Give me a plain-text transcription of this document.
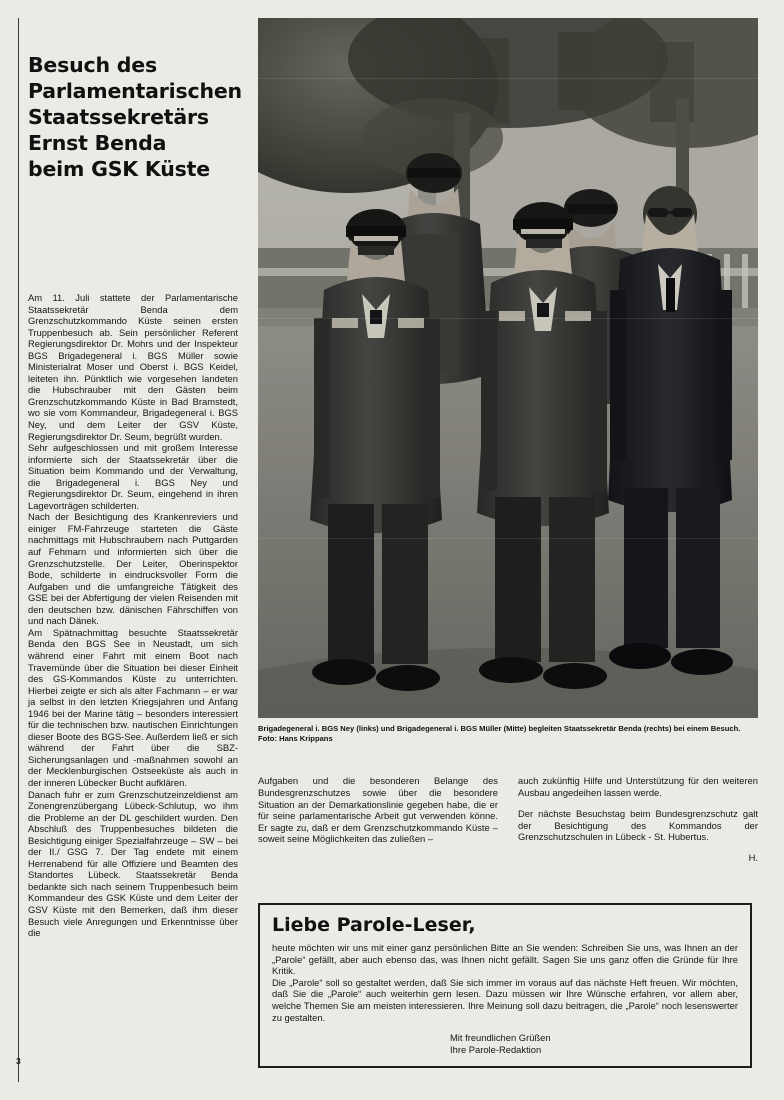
Besuch des
Parlamentarischen
Staatssekretärs
Ernst Benda
beim GSK Küste

Am 11. Juli stattete der Parlamentarische Staatssekretär Benda dem Grenzschutzkommando Küste seinen ersten Truppenbesuch ab. Sein persönlicher Referent Regierungsdirektor Dr. Mohrs und der Inspekteur BGS Brigadegeneral i. BGS Müller sowie Ministerialrat Moser und Oberst i. BGS Keidel, leiteten ihn. Pünktlich wie vorgesehen landeten die Hubschrauber mit den Gästen beim Grenzschutzkommando Küste in Bad Bramstedt, wo sie vom Kommandeur, Brigadegeneral i. BGS Ney, und dem Leiter der GSV Küste, Regierungsdirektor Dr. Seum, begrüßt wurden.

Sehr aufgeschlossen und mit großem Interesse informierte sich der Staatssekretär über die Situation beim Kommando und der Verwaltung, die Brigadegeneral i. BGS Ney und Regierungsdirektor Dr. Seum, eingehend in ihren Lagevorträgen schilderten.

Nach der Besichtigung des Krankenreviers und einiger FM-Fahrzeuge starteten die Gäste nachmittags mit Hubschraubern nach Puttgarden auf Fehmarn und informierten sich über die Grenzschutzstelle. Der Leiter, Oberinspektor Bode, schilderte in eindrucksvoller Form die Aufgaben und die umfangreiche Tätigkeit des GSE bei der Abfertigung der vielen Reisenden mit den deutschen bzw. dänischen Fährschiffen von und nach Dänek.

Am Spätnachmittag besuchte Staatssekretär Benda den BGS See in Neustadt, um sich während einer Fahrt mit einem Boot nach Travemünde über die Situation bei dieser Einheit des GS-Kommandos Küste zu unterrichten. Hierbei zeigte er sich als alter Fachmann – er war ja selbst in den letzten Kriegsjahren und Anfang 1946 bei der Marine tätig – besonders interessiert für die technischen bzw. nautischen Einrichtungen dieser Boote des BGS-See. Außerdem ließ er sich während der Fahrt über die SBZ-Sicherungsanlagen und -maßnahmen sowohl an der Mecklenburgischen Ostseeküste als auch in der inneren Lübecker Bucht aufklären.

Danach fuhr er zum Grenzschutzeinzeldienst am Zonengrenzübergang Lübeck-Schlutup, wo ihm die Probleme an der DL geschildert wurden. Den Abschluß des Truppenbesuches bildeten die Besichtigung einiger Spezialfahrzeuge – SW – bei der II./ GSG 7. Der Tag endete mit einem Herrenabend für alle Offiziere und Beamten des Standortes Lübeck. Staatssekretär Benda bedankte sich nach seinem Truppenbesuch beim Kommandeur des GSK Küste und dem Leiter der GSV Küste mit den Bemerken, daß ihm dieser Besuch viele Anregungen und Erkenntnisse über die

3
Brigadegeneral i. BGS Ney (links) und Brigadegeneral i. BGS Müller (Mitte) begleiten Staatssekretär Benda (rechts) bei einem Besuch. Foto: Hans Krippans

Aufgaben und die besonderen Belange des Bundesgrenzschutzes sowie über die besondere Situation an der Demarkationslinie gegeben habe, die er für seine parlamentarische Arbeit gut verwenden könne. Er sagte zu, daß er dem Grenzschutzkommando Küste – soweit seine Möglichkeiten das zuließen –

auch zukünftig Hilfe und Unterstützung für den weiteren Ausbau angedeihen lassen werde.

Der nächste Besuchstag beim Bundesgrenzschutz galt der Besichtigung des Kommandos der Grenzschutzschulen in Lübeck - St. Hubertus.

H.

Liebe Parole-Leser,

heute möchten wir uns mit einer ganz persönlichen Bitte an Sie wenden: Schreiben Sie uns, was Ihnen an der „Parole“ gefällt, aber auch ebenso das, was Ihnen nicht gefällt. Sagen Sie uns ganz offen die Gründe für Ihre Kritik.

Die „Parole“ soll so gestaltet werden, daß Sie sich immer im voraus auf das nächste Heft freuen. Wir möchten, daß Sie die „Parole“ auch weiterhin gern lesen. Dazu müssen wir Ihre Wünsche erfahren, vor allem aber, welche Themen Sie am meisten interessieren. Ihre Meinung soll dazu beitragen, die „Parole“ noch lesenswerter zu gestalten.

Mit freundlichen Grüßen
Ihre Parole-Redaktion
